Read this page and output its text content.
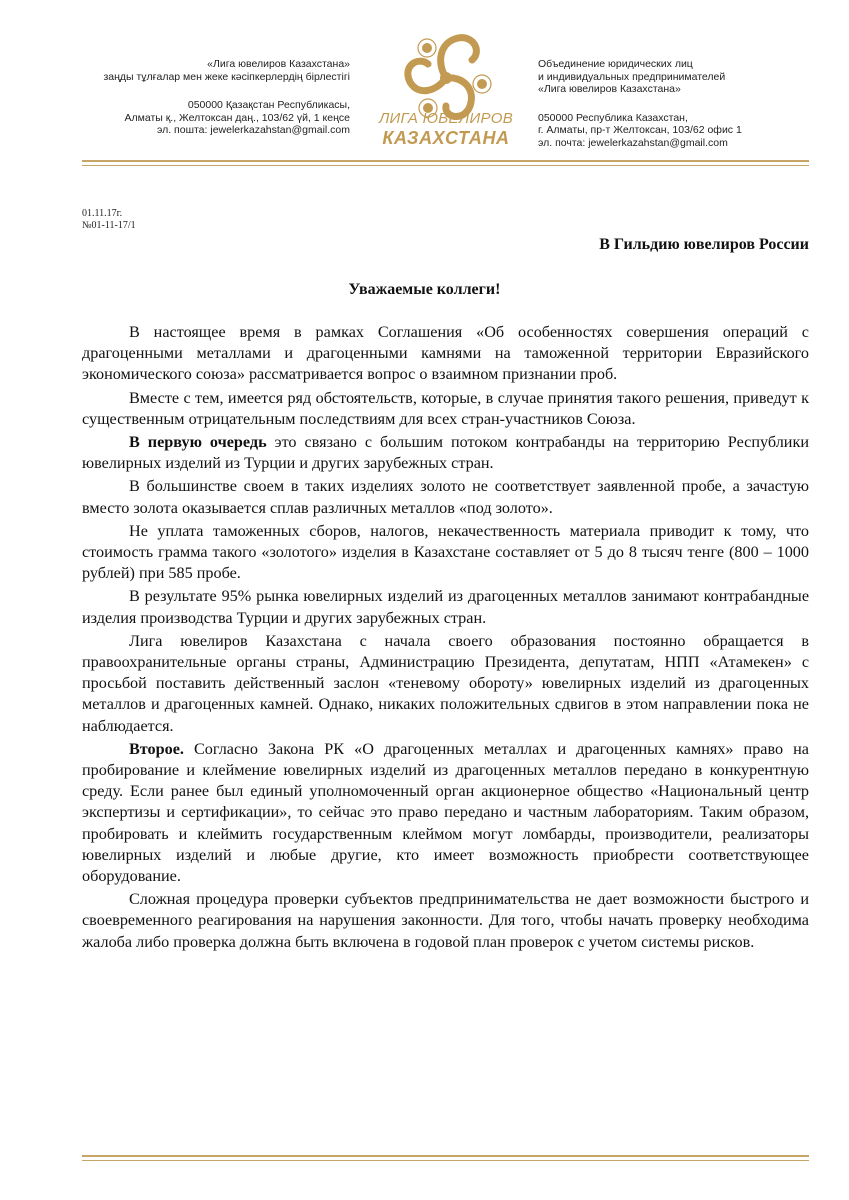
«Лига ювелиров Казахстана»
заңды тұлғалар мен жеке кәсіпкерлердің бірлестігі
050000 Қазақстан Республикасы,
Алматы қ., Желтоксан даң., 103/62 үй, 1 кеңсе
эл. пошта: jewelerkazahstan@gmail.com
ЛИГА ЮВЕЛИРОВ
КАЗАХСТАНА
Объединение юридических лиц
и индивидуальных предпринимателей
«Лига ювелиров Казахстана»
050000 Республика Казахстан,
г. Алматы, пр-т Желтоксан, 103/62 офис 1
эл. почта: jewelerkazahstan@gmail.com
01.11.17г.
№01-11-17/1
В Гильдию ювелиров России
Уважаемые коллеги!

В настоящее время в рамках Соглашения «Об особенностях совершения операций с драгоценными металлами и драгоценными камнями на таможенной территории Евразийского экономического союза» рассматривается вопрос о взаимном признании проб.

Вместе с тем, имеется ряд обстоятельств, которые, в случае принятия такого решения, приведут к существенным отрицательным последствиям для всех стран-участников Союза.

В первую очередь это связано с большим потоком контрабанды на территорию Республики ювелирных изделий из Турции и других зарубежных стран.

В большинстве своем в таких изделиях золото не соответствует заявленной пробе, а зачастую вместо золота оказывается сплав различных металлов «под золото».

Не уплата таможенных сборов, налогов, некачественность материала приводит к тому, что стоимость грамма такого «золотого» изделия в Казахстане составляет от 5 до 8 тысяч тенге (800 – 1000 рублей) при 585 пробе.

В результате 95% рынка ювелирных изделий из драгоценных металлов занимают контрабандные изделия производства Турции и других зарубежных стран.

Лига ювелиров Казахстана с начала своего образования постоянно обращается в правоохранительные органы страны, Администрацию Президента, депутатам, НПП «Атамекен» с просьбой поставить действенный заслон «теневому обороту» ювелирных изделий из драгоценных металлов и драгоценных камней. Однако, никаких положительных сдвигов в этом направлении пока не наблюдается.

Второе. Согласно Закона РК «О драгоценных металлах и драгоценных камнях» право на пробирование и клеймение ювелирных изделий из драгоценных металлов передано в конкурентную среду. Если ранее был единый уполномоченный орган акционерное общество «Национальный центр экспертизы и сертификации», то сейчас это право передано и частным лабораториям. Таким образом, пробировать и клеймить государственным клеймом могут ломбарды, производители, реализаторы ювелирных изделий и любые другие, кто имеет возможность приобрести соответствующее оборудование.

Сложная процедура проверки субъектов предпринимательства не дает возможности быстрого и своевременного реагирования на нарушения законности. Для того, чтобы начать проверку необходима жалоба либо проверка должна быть включена в годовой план проверок с учетом системы рисков.
